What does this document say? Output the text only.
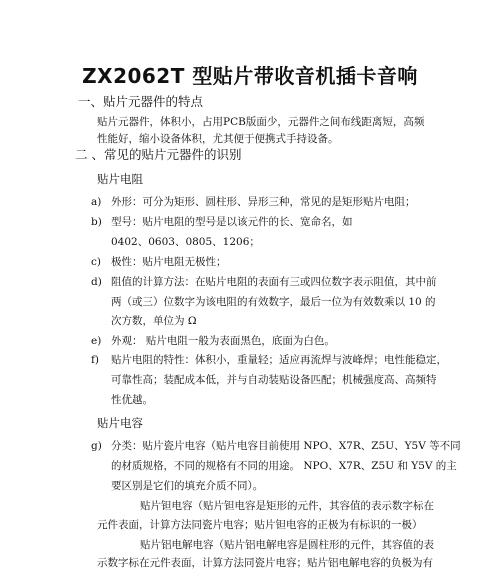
ZX2062T 型贴片带收音机插卡音响
一、贴片元器件的特点
贴片元器件，体积小，占用PCB版面少，元器件之间布线距离短，高频
性能好，缩小设备体积，尤其便于便携式手持设备。
二 、常见的贴片元器件的识别
贴片电阻
a) 外形：可分为矩形、圆柱形、异形三种，常见的是矩形贴片电阻；
b) 型号：贴片电阻的型号是以该元件的长、宽命名，如
0402、0603、0805、1206；
c) 极性：贴片电阻无极性；
d) 阻值的计算方法：在贴片电阻的表面有三或四位数字表示阻值，其中前
两（或三）位数字为该电阻的有效数字，最后一位为有效数乘以 10 的
次方数，单位为 Ω
e) 外观： 贴片电阻一般为表面黑色，底面为白色。
f) 贴片电阻的特性：体积小，重量轻；适应再流焊与波峰焊；电性能稳定，
可靠性高；装配成本低，并与自动装贴设备匹配；机械强度高、高频特
性优越。
贴片电容
g) 分类：贴片瓷片电容（贴片电容目前使用 NPO、X7R、Z5U、Y5V 等不同
的材质规格，不同的规格有不同的用途。 NPO、X7R、Z5U 和 Y5V 的主
要区别是它们的填充介质不同）。
贴片钽电容（贴片钽电容是矩形的元件，其容值的表示数字标在
元件表面，计算方法同瓷片电容；贴片钽电容的正极为有标识的一极）
贴片铝电解电容（贴片铝电解电容是圆柱形的元件，其容值的表
示数字标在元件表面，计算方法同瓷片电容；贴片铝电解电容的负极为有
